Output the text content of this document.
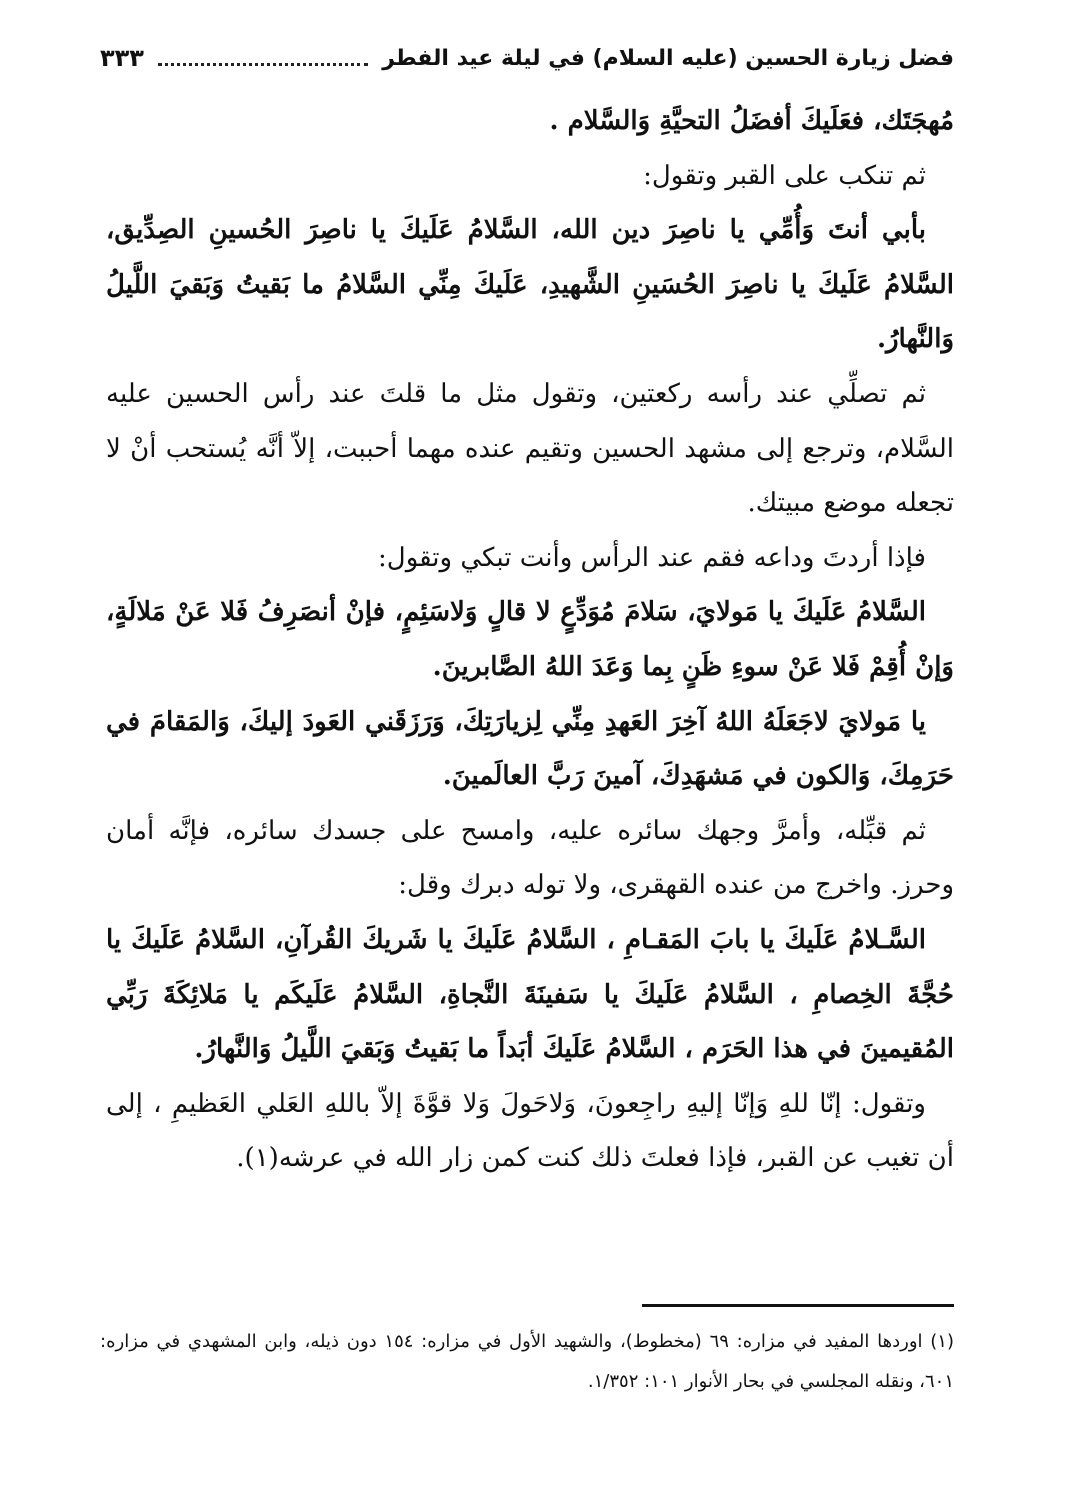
فضل زيارة الحسين (عليه السلام) في ليلة عيد الفطر
٣٣٣

مُهجَتَك، فعَلَيكَ أفضَلُ التحيَّةِ وَالسَّلام .

ثم تنكب على القبر وتقول:

بأبي أنتَ وَأُمِّي يا ناصِرَ دين الله، السَّلامُ عَلَيكَ يا ناصِرَ الحُسينِ الصِدِّيق، السَّلامُ عَلَيكَ يا ناصِرَ الحُسَينِ الشَّهيدِ، عَلَيكَ مِنِّي السَّلامُ ما بَقيتُ وَبَقيَ اللَّيلُ وَالنَّهارُ.

ثم تصلِّي عند رأسه ركعتين، وتقول مثل ما قلتَ عند رأس الحسين عليه السَّلام، وترجع إلى مشهد الحسين وتقيم عنده مهما أحببت، إلاّ أنَّه يُستحب أنْ لا تجعله موضع مبيتك.

فإذا أردتَ وداعه فقم عند الرأس وأنت تبكي وتقول:

السَّلامُ عَلَيكَ يا مَولايَ، سَلامَ مُوَدِّعٍ لا قالٍ وَلاسَئِمٍ، فإنْ أنصَرِفُ فَلا عَنْ مَلالَةٍ، وَإنْ أُقِمْ فَلا عَنْ سوءِ ظَنٍ بِما وَعَدَ اللهُ الصَّابرينَ.

يا مَولايَ لاجَعَلَهُ اللهُ آخِرَ العَهدِ مِنِّي لِزيارَتِكَ، وَرَزَقَني العَودَ إليكَ، وَالمَقامَ في حَرَمِكَ، وَالكون في مَشهَدِكَ، آمينَ رَبَّ العالَمينَ.

ثم قبِّله، وأمرَّ وجهك سائره عليه، وامسح على جسدك سائره، فإنَّه أمان وحرز. واخرج من عنده القهقرى، ولا توله دبرك وقل:

السَّـلامُ عَلَيكَ يا بابَ المَقـامِ ، السَّلامُ عَلَيكَ يا شَريكَ القُرآنِ، السَّلامُ عَلَيكَ يا حُجَّةَ الخِصامِ ، السَّلامُ عَلَيكَ يا سَفينَةَ النَّجاةِ، السَّلامُ عَلَيكَم يا مَلائِكَةَ رَبِّي المُقيمينَ في هذا الحَرَم ، السَّلامُ عَلَيكَ أبَداً ما بَقيتُ وَبَقيَ اللَّيلُ وَالنَّهارُ.

وتقول: إنّا للهِ وَإنّا إليهِ راجِعونَ، وَلاحَولَ وَلا قوَّةَ إلاّ باللهِ العَلي العَظيمِ ، إلى أن تغيب عن القبر، فإذا فعلتَ ذلك كنت كمن زار الله في عرشه(١).

(١) اوردها المفيد في مزاره: ٦٩ (مخطوط)، والشهيد الأول في مزاره: ١٥٤ دون ذيله، وابن المشهدي في مزاره: ٦٠١، ونقله المجلسي في بحار الأنوار ١٠١: ١/٣٥٢.
